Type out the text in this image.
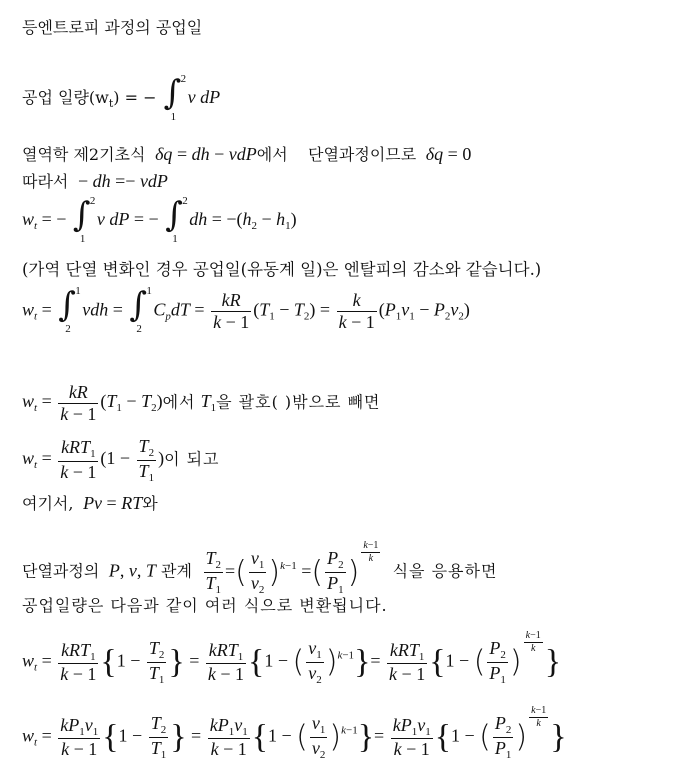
등엔트로피 과정의 공업일
공업 일량$(w_t)$ = − ∫ 2
1
v dP
열역학 제2기초식 δq = dh − vdP에서 단열과정이므로 δq = 0
따라서  − dh =− vdP
$w_t$ = − ∫ 2
1
v dP = − ∫ 2
1
dh = $-(h_2 - h_1)$
(가역 단열 변화인 경우 공업일(유동계 일)은 엔탈피의 감소와 같습니다.)
$w_t$ = ∫ 1
2
vdh = ∫ 1
2
$C_pdT = \frac{kR}{k - 1} (T_1 - T_2) = \frac{k}{k - 1} (P_1v_1 - P_2v_2)$
$w_t = \frac{kR}{k - 1} (T_1 - T_2)$에서 $T_1$을 괄호( )밖으로 빼면
$w_t = \frac{kRT_1}{k - 1} (1 - \frac{T_2}{T_1}$ )이 되고
여기서, Pv = RT와
단열과정의 P, v, T 관계 $\frac{T_2}{T_1}$ =( $\frac{v_1}{v_2} )^{k-1}$ =( $\frac{P_2}{P_1}$ )
$\frac{k-1}{k}$
식을 응용하면
공업일량은 다음과 같이 여러 식으로 변환됩니다.
$w_t = \frac{kRT_1}{k - 1} \{1 - \frac{T_2}{T_1}$ } = $\frac{kRT_1}{k - 1} \{1$ − ( $\frac{v_1}{v_2} )^{k-1}\}= \frac{kRT_1}{k - 1} \{1$ − ( $\frac{P_2}{P_1}$ )
$\frac{k-1}{k}$
}
$w_t = \frac{kP_1v_1}{k - 1} \{1 - \frac{T_2}{T_1}$ } = $\frac{kP_1v_1}{k - 1} \{1$ − ( $\frac{v_1}{v_2} )^{k-1}\}= \frac{kP_1v_1}{k - 1} \{1$ − ( $\frac{P_2}{P_1}$ )
$\frac{k-1}{k}$
}
